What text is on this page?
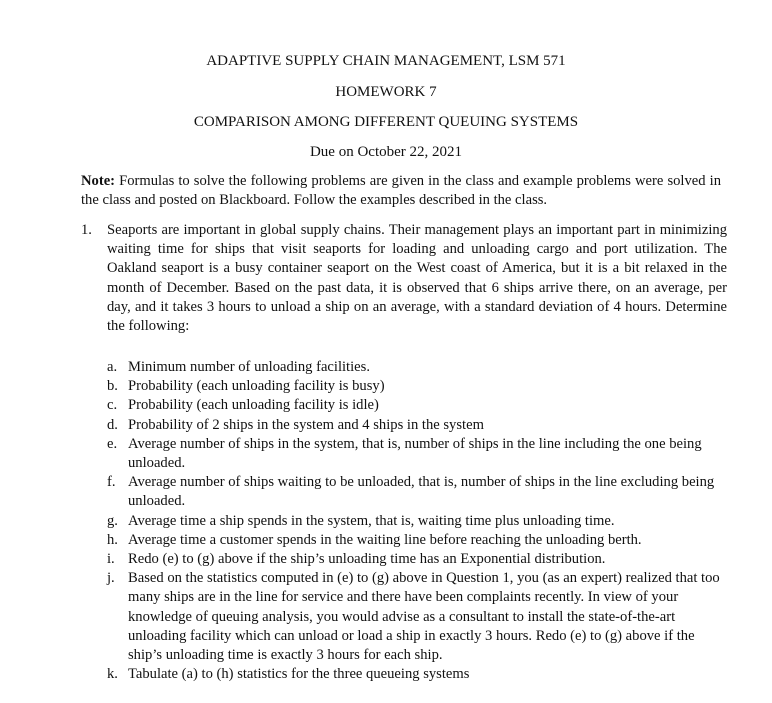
ADAPTIVE SUPPLY CHAIN MANAGEMENT, LSM 571
HOMEWORK 7
COMPARISON AMONG DIFFERENT QUEUING SYSTEMS
Due on October 22, 2021
Note: Formulas to solve the following problems are given in the class and example problems were solved in the class and posted on Blackboard. Follow the examples described in the class.
1. Seaports are important in global supply chains. Their management plays an important part in minimizing waiting time for ships that visit seaports for loading and unloading cargo and port utilization. The Oakland seaport is a busy container seaport on the West coast of America, but it is a bit relaxed in the month of December. Based on the past data, it is observed that 6 ships arrive there, on an average, per day, and it takes 3 hours to unload a ship on an average, with a standard deviation of 4 hours. Determine the following:
a. Minimum number of unloading facilities.
b. Probability (each unloading facility is busy)
c. Probability (each unloading facility is idle)
d. Probability of 2 ships in the system and 4 ships in the system
e. Average number of ships in the system, that is, number of ships in the line including the one being unloaded.
f. Average number of ships waiting to be unloaded, that is, number of ships in the line excluding being unloaded.
g. Average time a ship spends in the system, that is, waiting time plus unloading time.
h. Average time a customer spends in the waiting line before reaching the unloading berth.
i. Redo (e) to (g) above if the ship’s unloading time has an Exponential distribution.
j. Based on the statistics computed in (e) to (g) above in Question 1, you (as an expert) realized that too many ships are in the line for service and there have been complaints recently. In view of your knowledge of queuing analysis, you would advise as a consultant to install the state-of-the-art unloading facility which can unload or load a ship in exactly 3 hours. Redo (e) to (g) above if the ship’s unloading time is exactly 3 hours for each ship.
k. Tabulate (a) to (h) statistics for the three queueing systems
